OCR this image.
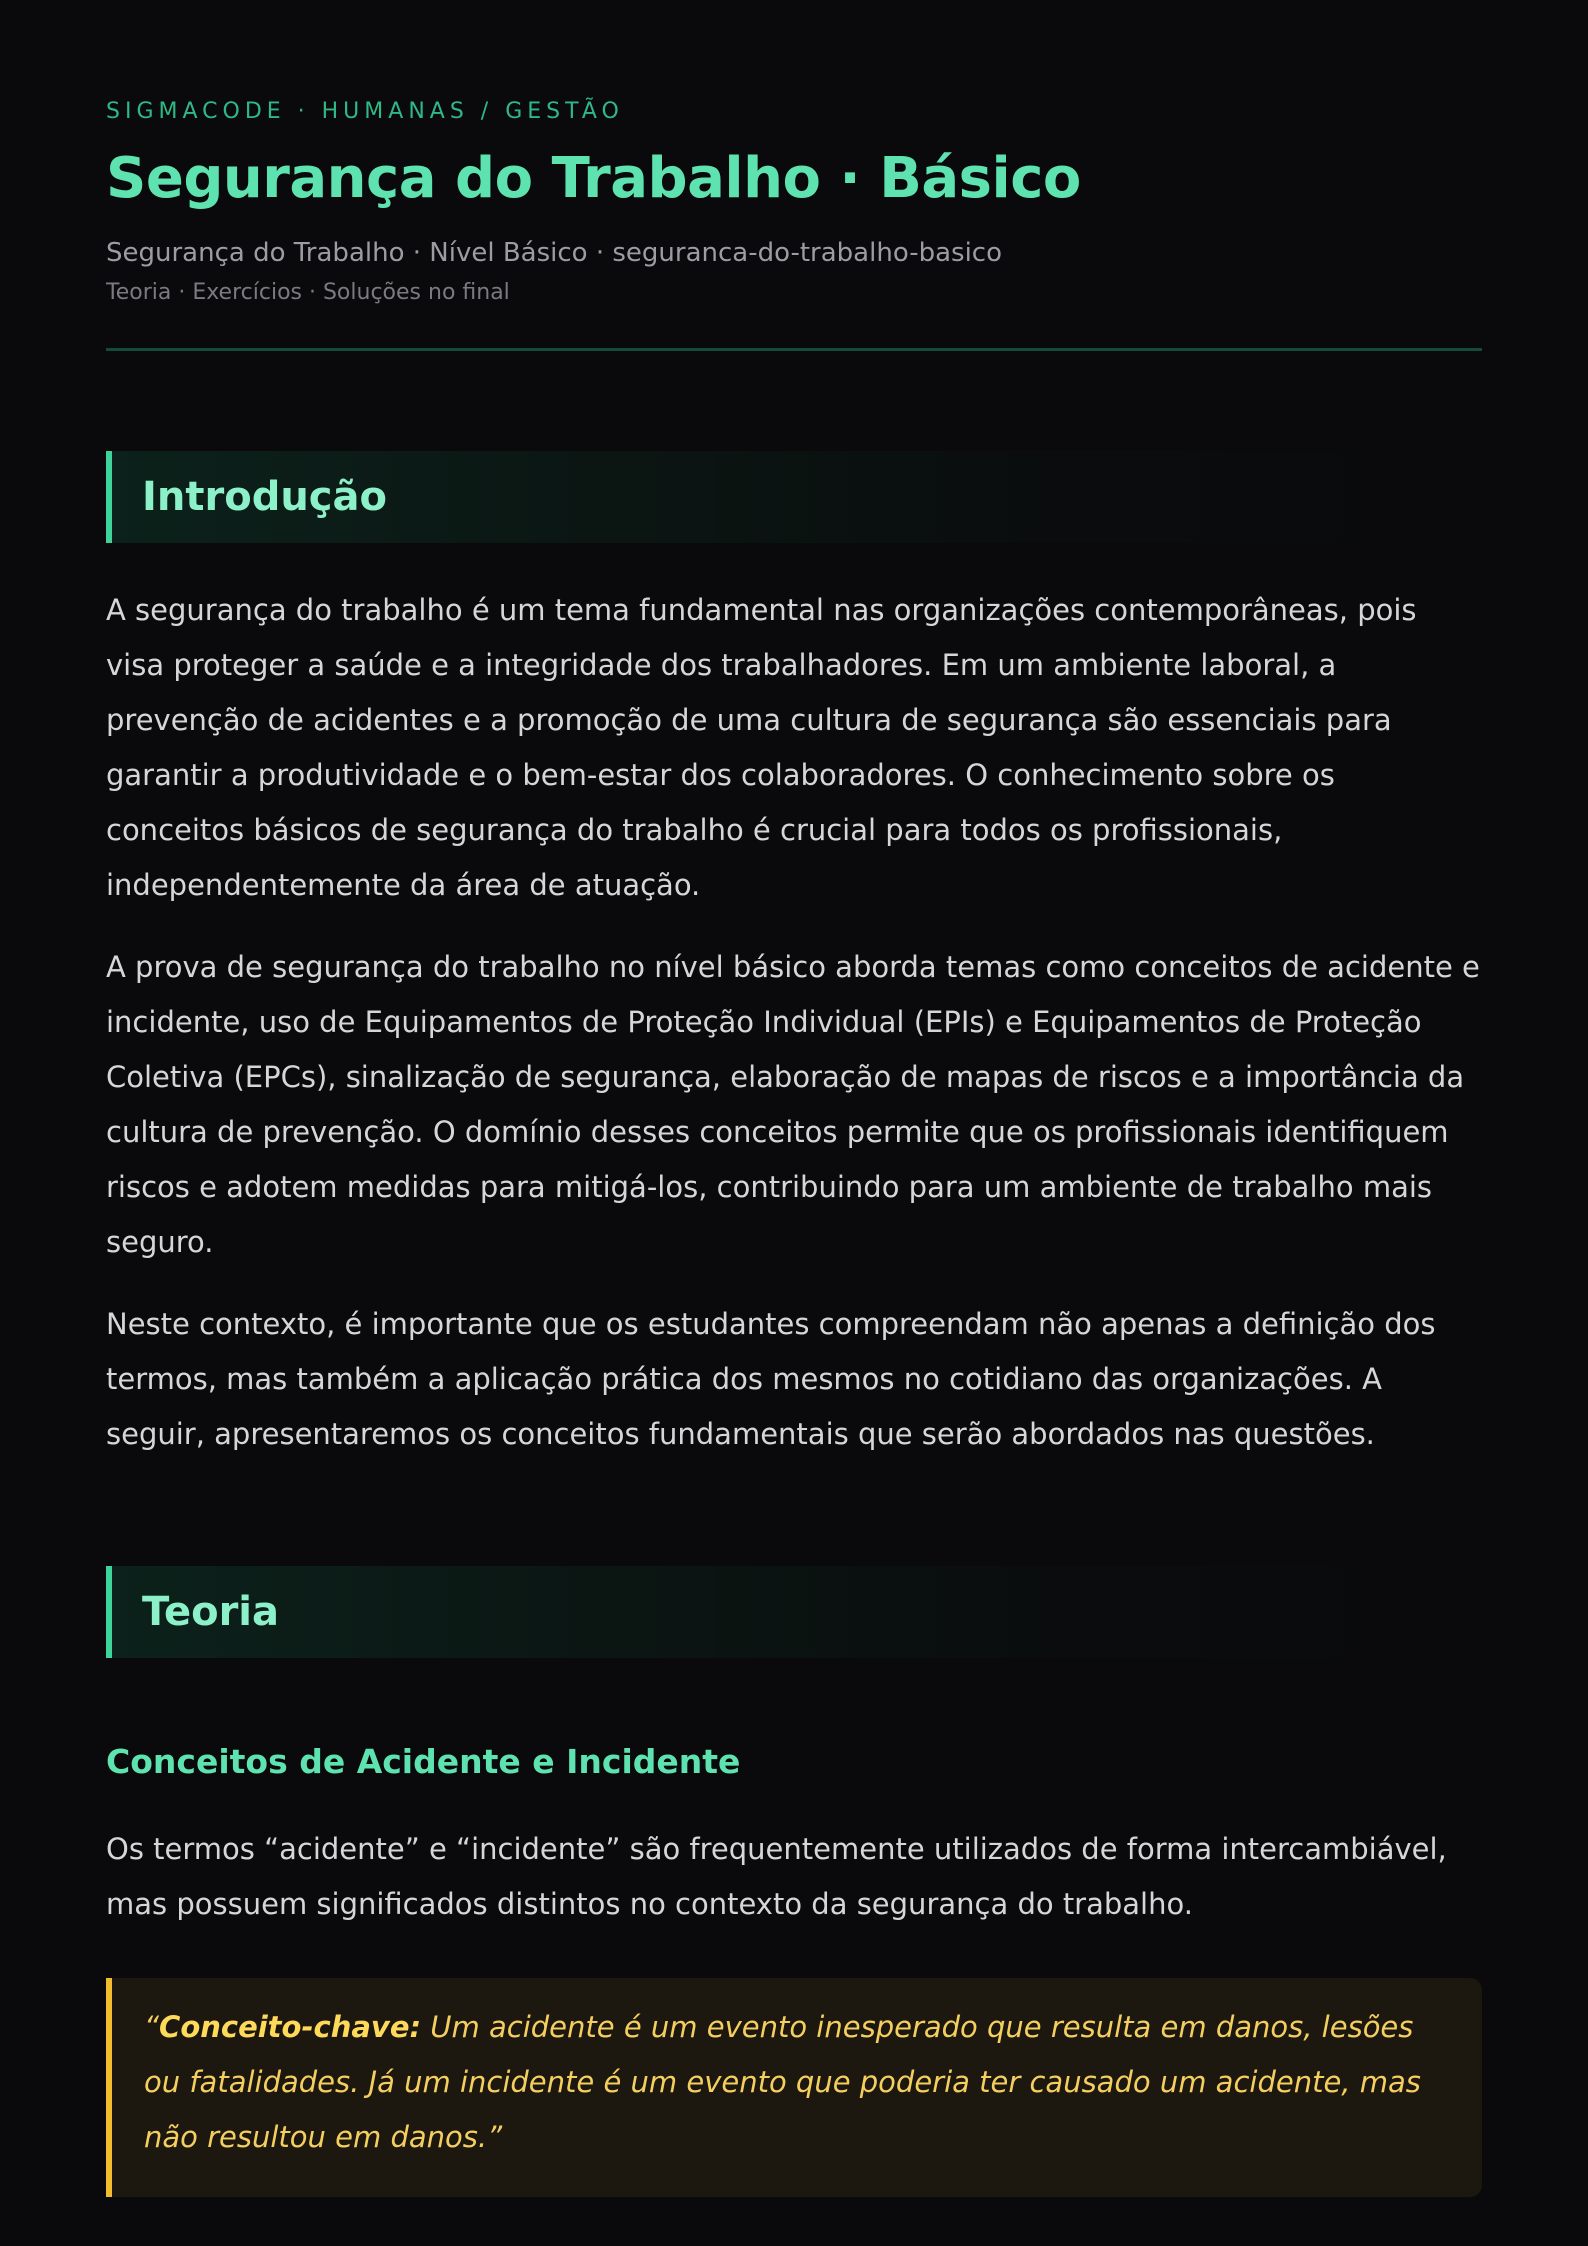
SIGMACODE · HUMANAS / GESTÃO

Segurança do Trabalho · Básico

Segurança do Trabalho · Nível Básico · seguranca-do-trabalho-basico

Teoria · Exercícios · Soluções no final

Introdução

A segurança do trabalho é um tema fundamental nas organizações contemporâneas, pois visa proteger a saúde e a integridade dos trabalhadores. Em um ambiente laboral, a prevenção de acidentes e a promoção de uma cultura de segurança são essenciais para garantir a produtividade e o bem-estar dos colaboradores. O conhecimento sobre os conceitos básicos de segurança do trabalho é crucial para todos os profissionais, independentemente da área de atuação.

A prova de segurança do trabalho no nível básico aborda temas como conceitos de acidente e incidente, uso de Equipamentos de Proteção Individual (EPIs) e Equipamentos de Proteção Coletiva (EPCs), sinalização de segurança, elaboração de mapas de riscos e a importância da cultura de prevenção. O domínio desses conceitos permite que os profissionais identifiquem riscos e adotem medidas para mitigá-los, contribuindo para um ambiente de trabalho mais seguro.

Neste contexto, é importante que os estudantes compreendam não apenas a definição dos termos, mas também a aplicação prática dos mesmos no cotidiano das organizações. A seguir, apresentaremos os conceitos fundamentais que serão abordados nas questões.

Teoria
Conceitos de Acidente e Incidente

Os termos “acidente” e “incidente” são frequentemente utilizados de forma intercambiável, mas possuem significados distintos no contexto da segurança do trabalho.

“Conceito-chave: Um acidente é um evento inesperado que resulta em danos, lesões ou fatalidades. Já um incidente é um evento que poderia ter causado um acidente, mas não resultou em danos.”
